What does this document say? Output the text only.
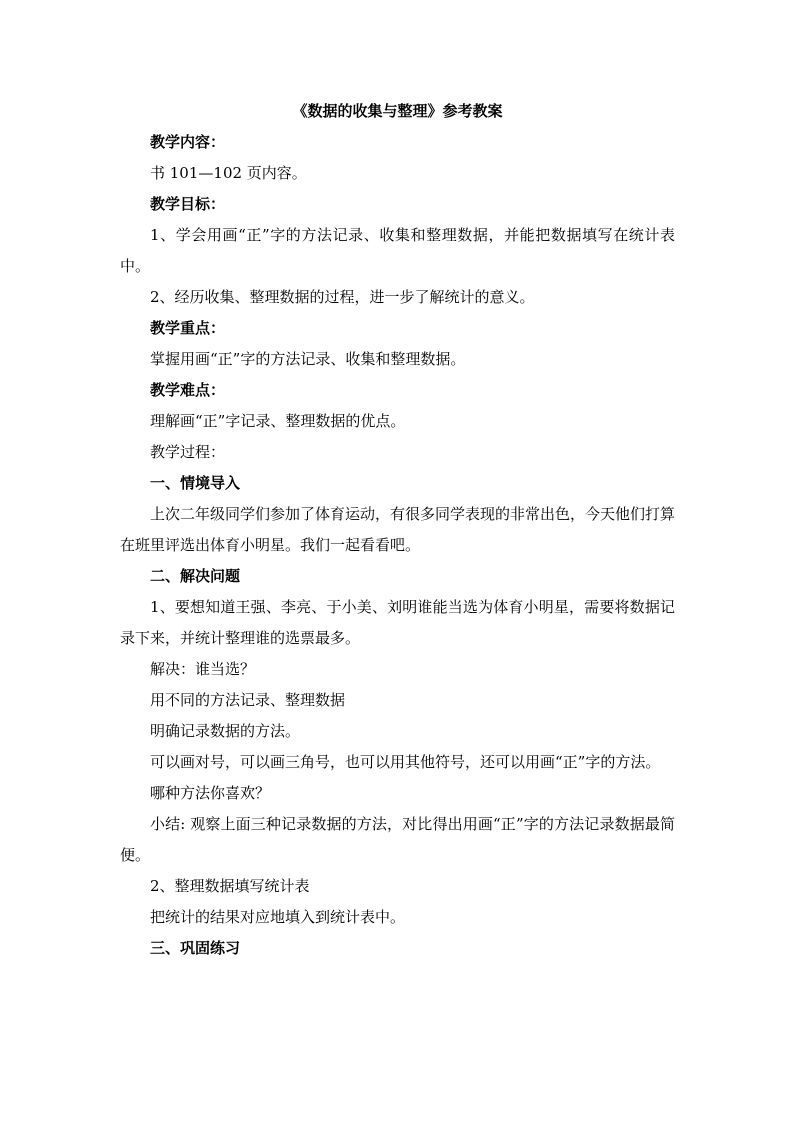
《数据的收集与整理》参考教案

教学内容：

书 101—102 页内容。

教学目标：

1、学会用画“正”字的方法记录、收集和整理数据，并能把数据填写在统计表中。

2、经历收集、整理数据的过程，进一步了解统计的意义。

教学重点：

掌握用画“正”字的方法记录、收集和整理数据。

教学难点：

理解画“正”字记录、整理数据的优点。

教学过程：

一、情境导入

上次二年级同学们参加了体育运动，有很多同学表现的非常出色，今天他们打算在班里评选出体育小明星。我们一起看看吧。

二、解决问题

1、要想知道王强、李亮、于小美、刘明谁能当选为体育小明星，需要将数据记录下来，并统计整理谁的选票最多。

解决：谁当选？

用不同的方法记录、整理数据

明确记录数据的方法。

可以画对号，可以画三角号，也可以用其他符号，还可以用画“正”字的方法。

哪种方法你喜欢？

小结: 观察上面三种记录数据的方法，对比得出用画“正”字的方法记录数据最简便。

2、整理数据填写统计表

把统计的结果对应地填入到统计表中。

三、巩固练习
